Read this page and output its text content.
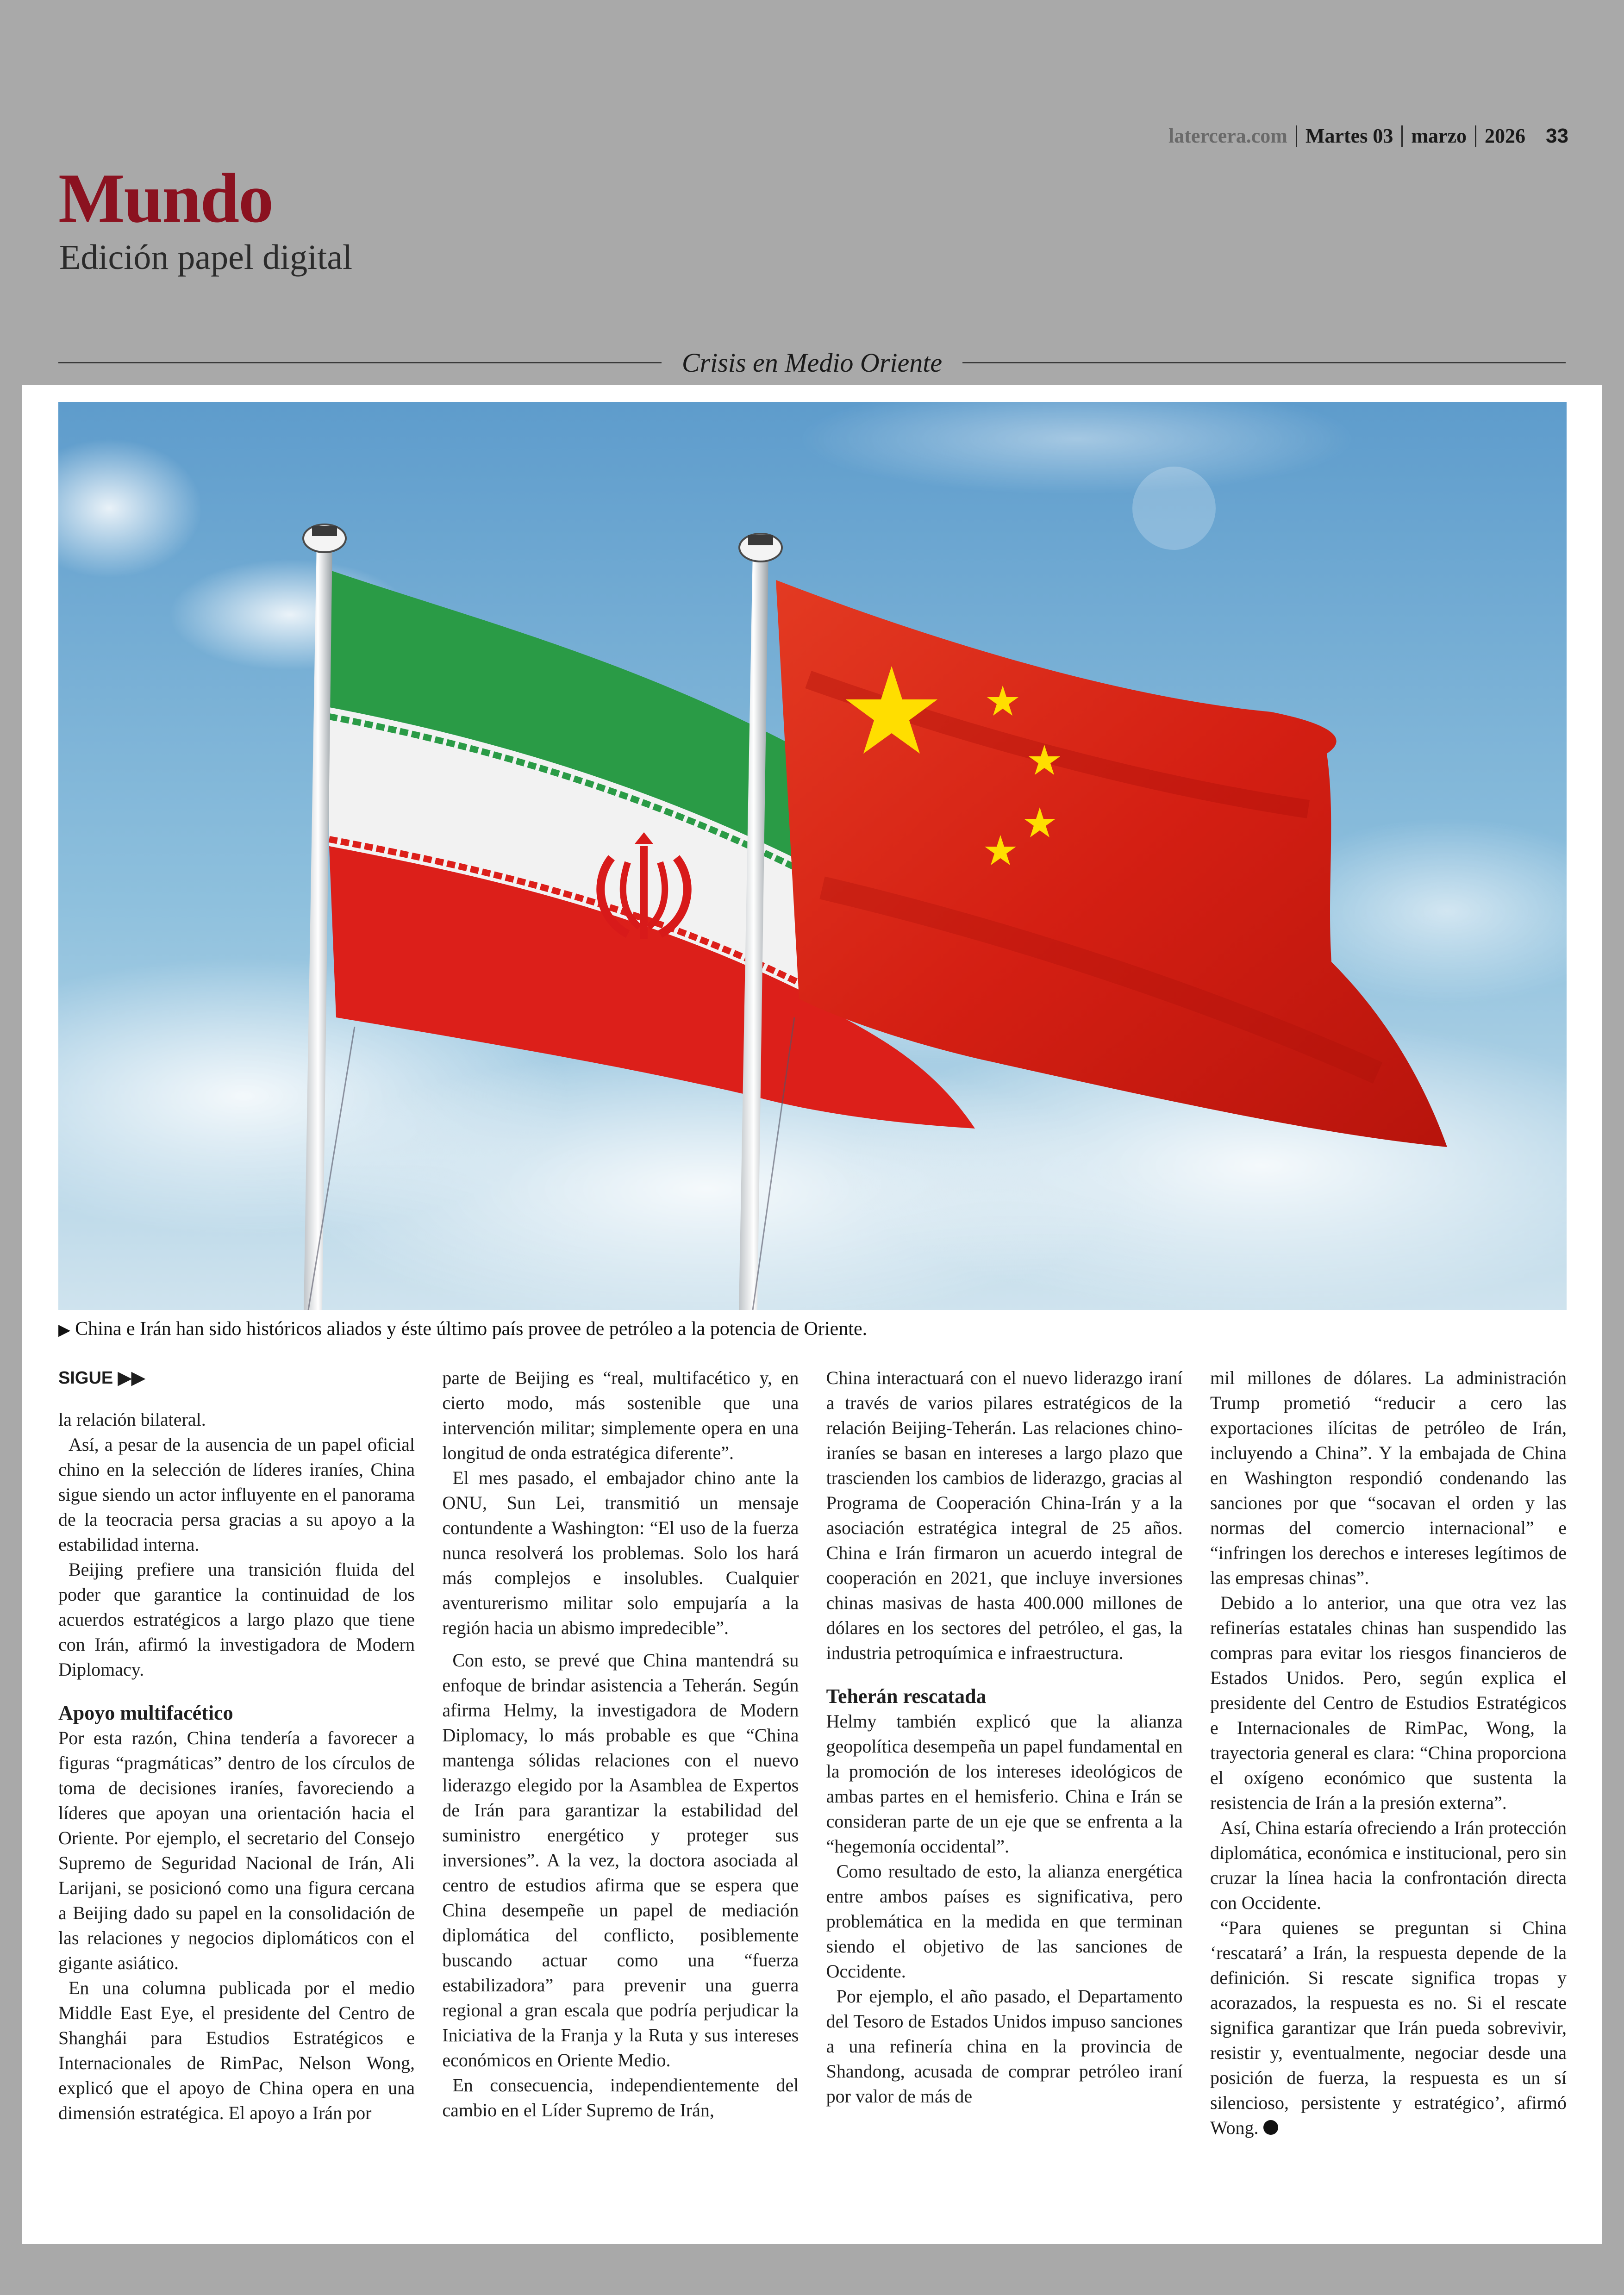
latercera.com Martes 03 marzo 2026 33
Mundo
Edición papel digital
Crisis en Medio Oriente
▶ China e Irán han sido históricos aliados y éste último país provee de petróleo a la potencia de Oriente.
SIGUE ▶▶

la relación bilateral.

Así, a pesar de la ausencia de un papel oficial chino en la selección de líderes iraníes, China sigue siendo un actor influyente en el panorama de la teocracia persa gracias a su apoyo a la estabilidad interna.

Beijing prefiere una transición fluida del poder que garantice la continuidad de los acuerdos estratégicos a largo plazo que tiene con Irán, afirmó la investigadora de Modern Diplomacy.

Apoyo multifacético

Por esta razón, China tendería a favorecer a figuras “pragmáticas” dentro de los círculos de toma de decisiones iraníes, favoreciendo a líderes que apoyan una orientación hacia el Oriente. Por ejemplo, el secretario del Consejo Supremo de Seguridad Nacional de Irán, Ali Larijani, se posicionó como una figura cercana a Beijing dado su papel en la consolidación de las relaciones y negocios diplomáticos con el gigante asiático.

En una columna publicada por el medio Middle East Eye, el presidente del Centro de Shanghái para Estudios Estratégicos e Internacionales de RimPac, Nelson Wong, explicó que el apoyo de China opera en una dimensión estratégica. El apoyo a Irán por

parte de Beijing es “real, multifacético y, en cierto modo, más sostenible que una intervención militar; simplemente opera en una longitud de onda estratégica diferente”.

El mes pasado, el embajador chino ante la ONU, Sun Lei, transmitió un mensaje contundente a Washington: “El uso de la fuerza nunca resolverá los problemas. Solo los hará más complejos e insolubles. Cualquier aventurerismo militar solo empujaría a la región hacia un abismo impredecible”.

Con esto, se prevé que China mantendrá su enfoque de brindar asistencia a Teherán. Según afirma Helmy, la investigadora de Modern Diplomacy, lo más probable es que “China mantenga sólidas relaciones con el nuevo liderazgo elegido por la Asamblea de Expertos de Irán para garantizar la estabilidad del suministro energético y proteger sus inversiones”. A la vez, la doctora asociada al centro de estudios afirma que se espera que China desempeñe un papel de mediación diplomática del conflicto, posiblemente buscando actuar como una “fuerza estabilizadora” para prevenir una guerra regional a gran escala que podría perjudicar la Iniciativa de la Franja y la Ruta y sus intereses económicos en Oriente Medio.

En consecuencia, independientemente del cambio en el Líder Supremo de Irán,

China interactuará con el nuevo liderazgo iraní a través de varios pilares estratégicos de la relación Beijing-Teherán. Las relaciones chino-iraníes se basan en intereses a largo plazo que trascienden los cambios de liderazgo, gracias al Programa de Cooperación China-Irán y a la asociación estratégica integral de 25 años. China e Irán firmaron un acuerdo integral de cooperación en 2021, que incluye inversiones chinas masivas de hasta 400.000 millones de dólares en los sectores del petróleo, el gas, la industria petroquímica e infraestructura.

Teherán rescatada

Helmy también explicó que la alianza geopolítica desempeña un papel fundamental en la promoción de los intereses ideológicos de ambas partes en el hemisferio. China e Irán se consideran parte de un eje que se enfrenta a la “hegemonía occidental”.

Como resultado de esto, la alianza energética entre ambos países es significativa, pero problemática en la medida en que terminan siendo el objetivo de las sanciones de Occidente.

Por ejemplo, el año pasado, el Departamento del Tesoro de Estados Unidos impuso sanciones a una refinería china en la provincia de Shandong, acusada de comprar petróleo iraní por valor de más de

mil millones de dólares. La administración Trump prometió “reducir a cero las exportaciones ilícitas de petróleo de Irán, incluyendo a China”. Y la embajada de China en Washington respondió condenando las sanciones por que “socavan el orden y las normas del comercio internacional” e “infringen los derechos e intereses legítimos de las empresas chinas”.

Debido a lo anterior, una que otra vez las refinerías estatales chinas han suspendido las compras para evitar los riesgos financieros de Estados Unidos. Pero, según explica el presidente del Centro de Estudios Estratégicos e Internacionales de RimPac, Wong, la trayectoria general es clara: “China proporciona el oxígeno económico que sustenta la resistencia de Irán a la presión externa”.

Así, China estaría ofreciendo a Irán protección diplomática, económica e institucional, pero sin cruzar la línea hacia la confrontación directa con Occidente.

“Para quienes se preguntan si China ‘rescatará’ a Irán, la respuesta depende de la definición. Si rescate significa tropas y acorazados, la respuesta es no. Si el rescate significa garantizar que Irán pueda sobrevivir, resistir y, eventualmente, negociar desde una posición de fuerza, la respuesta es un sí silencioso, persistente y estratégico’, afirmó Wong.
